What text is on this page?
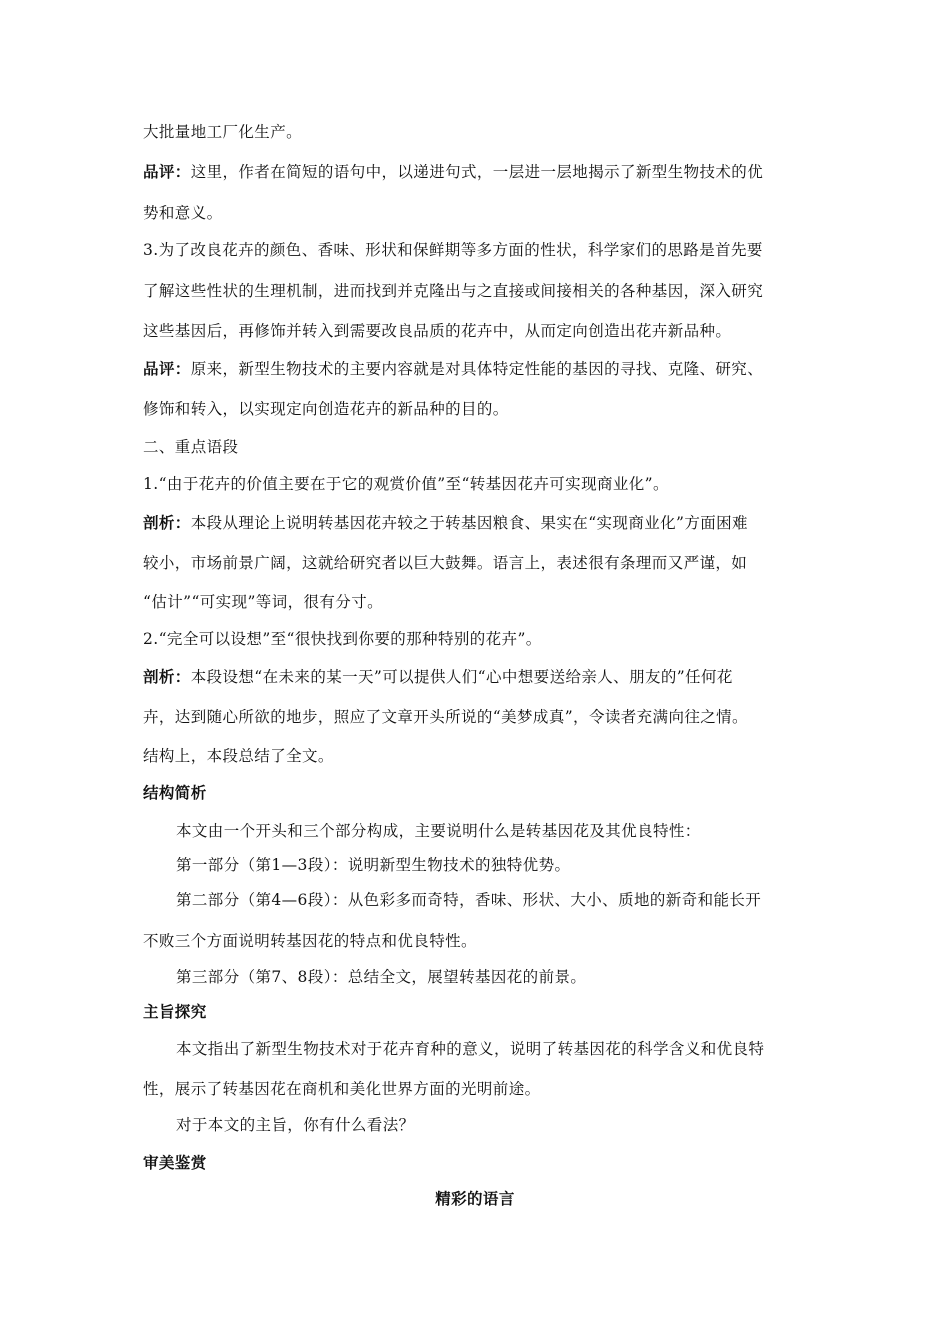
大批量地工厂化生产。
品评：这里，作者在简短的语句中，以递进句式，一层进一层地揭示了新型生物技术的优
势和意义。
3.为了改良花卉的颜色、香味、形状和保鲜期等多方面的性状，科学家们的思路是首先要
了解这些性状的生理机制，进而找到并克隆出与之直接或间接相关的各种基因，深入研究
这些基因后，再修饰并转入到需要改良品质的花卉中，从而定向创造出花卉新品种。
品评：原来，新型生物技术的主要内容就是对具体特定性能的基因的寻找、克隆、研究、
修饰和转入，以实现定向创造花卉的新品种的目的。
二、重点语段
1.“由于花卉的价值主要在于它的观赏价值”至“转基因花卉可实现商业化”。
剖析：本段从理论上说明转基因花卉较之于转基因粮食、果实在“实现商业化”方面困难
较小，市场前景广阔，这就给研究者以巨大鼓舞。语言上，表述很有条理而又严谨，如
“估计”“可实现”等词，很有分寸。
2.“完全可以设想”至“很快找到你要的那种特别的花卉”。
剖析：本段设想“在未来的某一天”可以提供人们“心中想要送给亲人、朋友的”任何花
卉，达到随心所欲的地步，照应了文章开头所说的“美梦成真”，令读者充满向往之情。
结构上，本段总结了全文。
结构简析
本文由一个开头和三个部分构成，主要说明什么是转基因花及其优良特性：
第一部分（第1—3段）：说明新型生物技术的独特优势。
第二部分（第4—6段）：从色彩多而奇特，香味、形状、大小、质地的新奇和能长开
不败三个方面说明转基因花的特点和优良特性。
第三部分（第7、8段）：总结全文，展望转基因花的前景。
主旨探究
本文指出了新型生物技术对于花卉育种的意义，说明了转基因花的科学含义和优良特
性，展示了转基因花在商机和美化世界方面的光明前途。
对于本文的主旨，你有什么看法？
审美鉴赏
精彩的语言
